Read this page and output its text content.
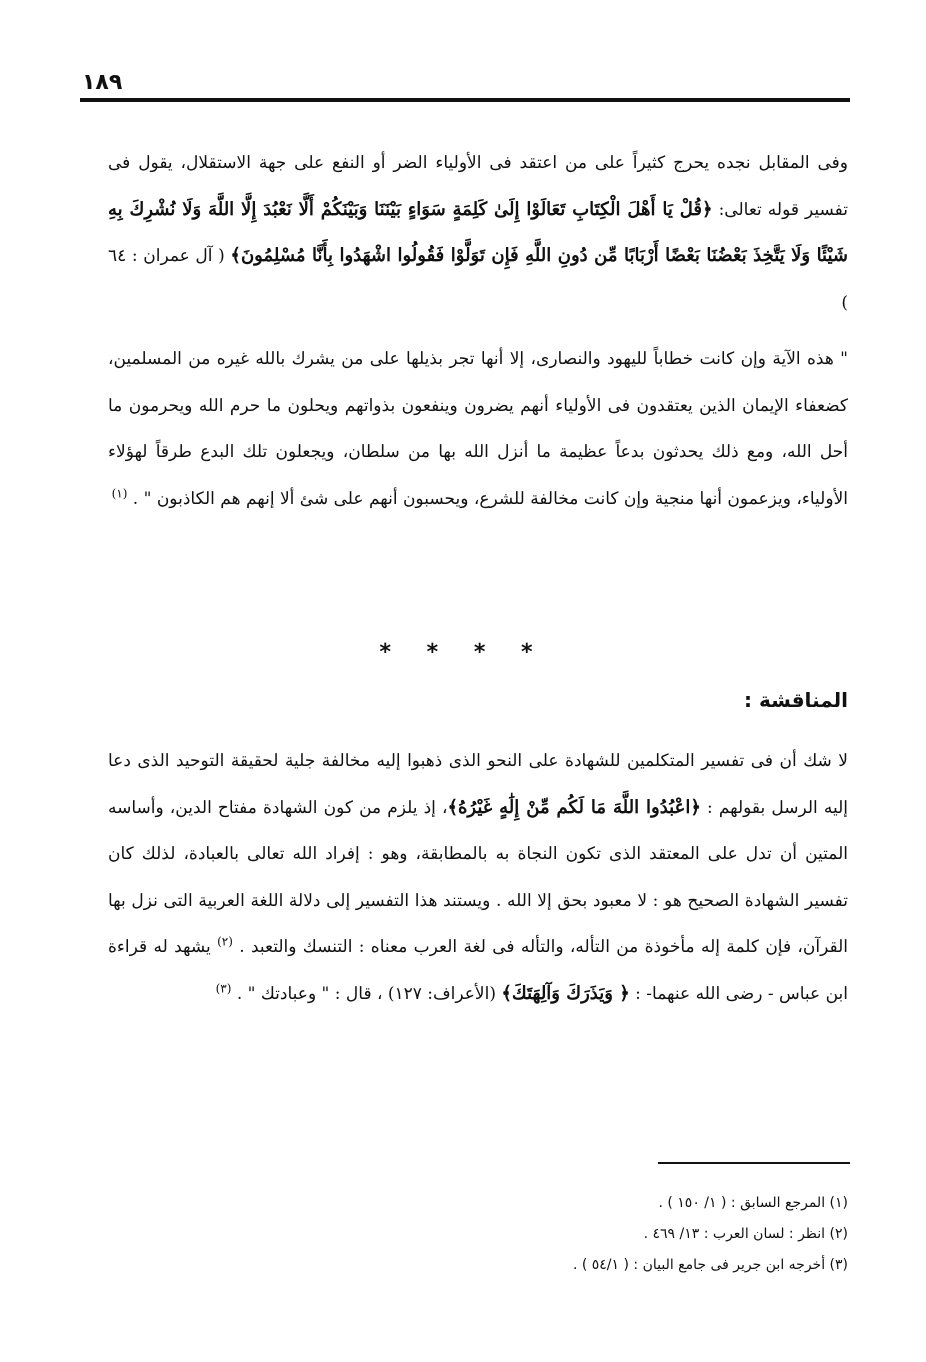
١٨٩

وفى المقابل نجده يحرج كثيراً على من اعتقد فى الأولياء الضر أو النفع على جهة الاستقلال، يقول فى تفسير قوله تعالى: ﴿قُلْ يَا أَهْلَ الْكِتَابِ تَعَالَوْا إِلَىٰ كَلِمَةٍ سَوَاءٍ بَيْنَنَا وَبَيْنَكُمْ أَلَّا نَعْبُدَ إِلَّا اللَّهَ وَلَا نُشْرِكَ بِهِ شَيْئًا وَلَا يَتَّخِذَ بَعْضُنَا بَعْضًا أَرْبَابًا مِّن دُونِ اللَّهِ فَإِن تَوَلَّوْا فَقُولُوا اشْهَدُوا بِأَنَّا مُسْلِمُونَ﴾ ( آل عمران : ٦٤ )

" هذه الآية وإن كانت خطاباً لليهود والنصارى، إلا أنها تجر بذيلها على من يشرك بالله غيره من المسلمين، كضعفاء الإيمان الذين يعتقدون فى الأولياء أنهم يضرون وينفعون بذواتهم ويحلون ما حرم الله ويحرمون ما أحل الله، ومع ذلك يحدثون بدعاً عظيمة ما أنزل الله بها من سلطان، ويجعلون تلك البدع طرقاً لهؤلاء الأولياء، ويزعمون أنها منجية وإن كانت مخالفة للشرع، ويحسبون أنهم على شئ ألا إنهم هم الكاذبون " . $^{(١)}$

* * * *
المناقشة :

لا شك أن فى تفسير المتكلمين للشهادة على النحو الذى ذهبوا إليه مخالفة جلية لحقيقة التوحيد الذى دعا إليه الرسل بقولهم : ﴿اعْبُدُوا اللَّهَ مَا لَكُم مِّنْ إِلَٰهٍ غَيْرُهُ﴾، إذ يلزم من كون الشهادة مفتاح الدين، وأساسه المتين أن تدل على المعتقد الذى تكون النجاة به بالمطابقة، وهو : إفراد الله تعالى بالعبادة، لذلك كان تفسير الشهادة الصحيح هو : لا معبود بحق إلا الله . ويستند هذا التفسير إلى دلالة اللغة العربية التى نزل بها القرآن، فإن كلمة إله مأخوذة من التأله، والتأله فى لغة العرب معناه : التنسك والتعبد . $^{(٢)}$ يشهد له قراءة ابن عباس - رضى الله عنهما- : ﴿ وَيَذَرَكَ وَآلِهَتَكَ﴾ (الأعراف: ١٢٧) ، قال : " وعبادتك " . $^{(٣)}$

(١) المرجع السابق : ( ١/ ١٥٠ ) .
(٢) انظر : لسان العرب : ١٣/ ٤٦٩ .
(٣) أخرجه ابن جرير فى جامع البيان : ( ٥٤/١ ) .
